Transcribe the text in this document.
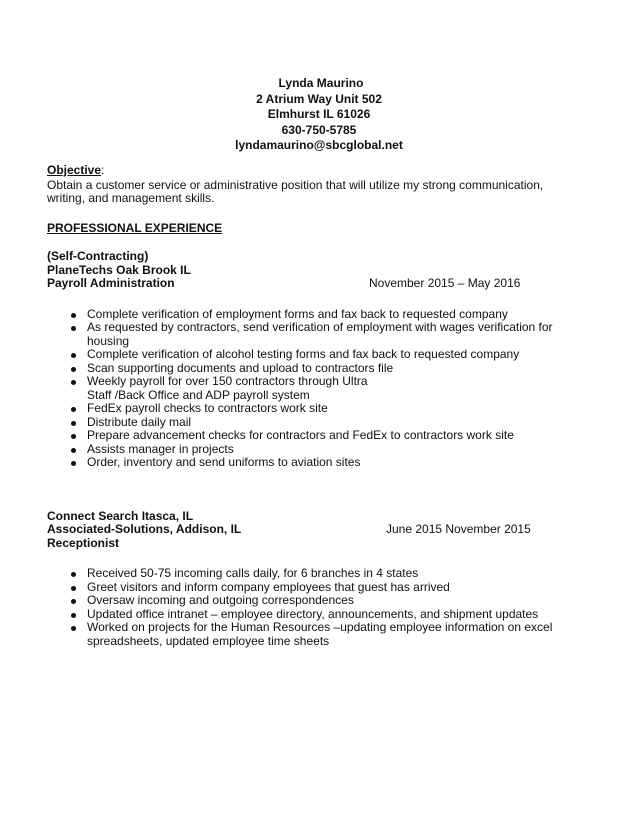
Lynda Maurino
2 Atrium Way Unit 502
Elmhurst IL 61026
630-750-5785
lyndamaurino@sbcglobal.net
Objective:
Obtain a customer service or administrative position that will utilize my strong communication, writing, and management skills.
PROFESSIONAL EXPERIENCE
(Self-Contracting)
PlaneTechs Oak Brook IL
Payroll Administration	November 2015 – May 2016
Complete verification of employment forms and fax back to requested company
As requested by contractors, send verification of employment with wages verification for housing
Complete verification of alcohol testing forms and fax back to requested company
Scan supporting documents and upload to contractors file
Weekly payroll for over 150 contractors through Ultra Staff /Back Office and ADP payroll system
FedEx payroll checks to contractors work site
Distribute daily mail
Prepare advancement checks for contractors and FedEx to contractors work site
Assists manager in projects
Order, inventory and send uniforms to aviation sites
Connect Search Itasca, IL
Associated-Solutions, Addison, IL	June 2015 November 2015
Receptionist
Received 50-75 incoming calls daily, for 6 branches in 4 states
Greet visitors and inform company employees that guest has arrived
Oversaw incoming and outgoing correspondences
Updated office intranet – employee directory, announcements, and shipment updates
Worked on projects for the Human Resources –updating employee information on excel spreadsheets, updated employee time sheets
